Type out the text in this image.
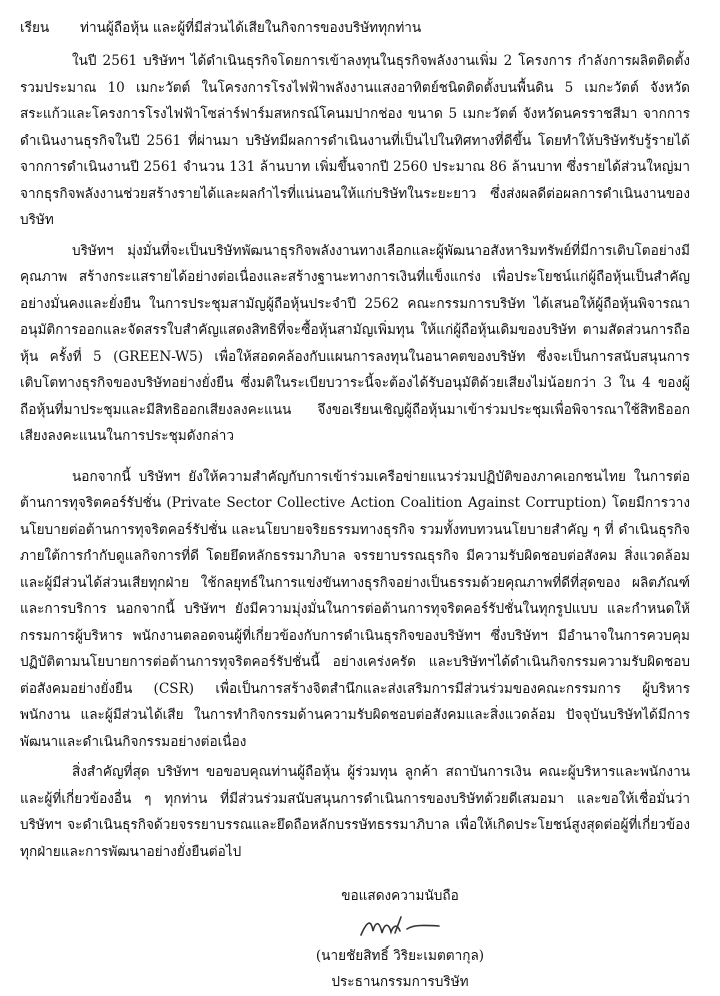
เรียน	ท่านผู้ถือหุ้น และผู้ที่มีส่วนได้เสียในกิจการของบริษัททุกท่าน

ในปี 2561 บริษัทฯ ได้ดำเนินธุรกิจโดยการเข้าลงทุนในธุรกิจพลังงานเพิ่ม 2 โครงการ กำลังการผลิตติดตั้งรวมประมาณ 10 เมกะวัตต์ ในโครงการโรงไฟฟ้าพลังงานแสงอาทิตย์ชนิดติดตั้งบนพื้นดิน 5 เมกะวัตต์ จังหวัดสระแก้วและโครงการโรงไฟฟ้าโซล่าร์ฟาร์มสหกรณ์โคนมปากช่อง ขนาด 5 เมกะวัตต์ จังหวัดนครราชสีมา จากการดำเนินงานธุรกิจในปี 2561 ที่ผ่านมา บริษัทมีผลการดำเนินงานที่เป็นไปในทิศทางที่ดีขึ้น โดยทำให้บริษัทรับรู้รายได้จากการดำเนินงานปี 2561 จำนวน 131 ล้านบาท เพิ่มขึ้นจากปี 2560 ประมาณ 86 ล้านบาท ซึ่งรายได้ส่วนใหญ่มาจากธุรกิจพลังงานช่วยสร้างรายได้และผลกำไรที่แน่นอนให้แก่บริษัทในระยะยาว ซึ่งส่งผลดีต่อผลการดำเนินงานของบริษัท

บริษัทฯ มุ่งมั่นที่จะเป็นบริษัทพัฒนาธุรกิจพลังงานทางเลือกและผู้พัฒนาอสังหาริมทรัพย์ที่มีการเติบโตอย่างมีคุณภาพ สร้างกระแสรายได้อย่างต่อเนื่องและสร้างฐานะทางการเงินที่แข็งแกร่ง เพื่อประโยชน์แก่ผู้ถือหุ้นเป็นสำคัญอย่างมั่นคงและยั่งยืน ในการประชุมสามัญผู้ถือหุ้นประจำปี 2562 คณะกรรมการบริษัท ได้เสนอให้ผู้ถือหุ้นพิจารณาอนุมัติการออกและจัดสรรใบสำคัญแสดงสิทธิที่จะซื้อหุ้นสามัญเพิ่มทุน ให้แก่ผู้ถือหุ้นเดิมของบริษัท ตามสัดส่วนการถือหุ้น ครั้งที่ 5 (GREEN-W5) เพื่อให้สอดคล้องกับแผนการลงทุนในอนาคตของบริษัท ซึ่งจะเป็นการสนับสนุนการเติบโตทางธุรกิจของบริษัทอย่างยั่งยืน ซึ่งมติในระเบียบวาระนี้จะต้องได้รับอนุมัติด้วยเสียงไม่น้อยกว่า 3 ใน 4 ของผู้ถือหุ้นที่มาประชุมและมีสิทธิออกเสียงลงคะแนน จึงขอเรียนเชิญผู้ถือหุ้นมาเข้าร่วมประชุมเพื่อพิจารณาใช้สิทธิออกเสียงลงคะแนนในการประชุมดังกล่าว

นอกจากนี้ บริษัทฯ ยังให้ความสำคัญกับการเข้าร่วมเครือข่ายแนวร่วมปฏิบัติของภาคเอกชนไทย ในการต่อต้านการทุจริตคอร์รัปชั่น (Private Sector Collective Action Coalition Against Corruption) โดยมีการวางนโยบายต่อต้านการทุจริตคอร์รัปชั่น และนโยบายจริยธรรมทางธุรกิจ รวมทั้งทบทวนนโยบายสำคัญ ๆ ที่ ดำเนินธุรกิจภายใต้การกำกับดูแลกิจการที่ดี โดยยึดหลักธรรมาภิบาล จรรยาบรรณธุรกิจ มีความรับผิดชอบต่อสังคม สิ่งแวดล้อม และผู้มีส่วนได้ส่วนเสียทุกฝ่าย ใช้กลยุทธ์ในการแข่งขันทางธุรกิจอย่างเป็นธรรมด้วยคุณภาพที่ดีที่สุดของ ผลิตภัณฑ์ และการบริการ นอกจากนี้ บริษัทฯ ยังมีความมุ่งมั่นในการต่อต้านการทุจริตคอร์รัปชั่นในทุกรูปแบบ และกำหนดให้กรรมการผู้บริหาร พนักงานตลอดจนผู้ที่เกี่ยวข้องกับการดำเนินธุรกิจของบริษัทฯ ซึ่งบริษัทฯ มีอำนาจในการควบคุม ปฏิบัติตามนโยบายการต่อต้านการทุจริตคอร์รัปชั่นนี้ อย่างเคร่งครัด และบริษัทฯได้ดำเนินกิจกรรมความรับผิดชอบต่อสังคมอย่างยั่งยืน (CSR) เพื่อเป็นการสร้างจิตสำนึกและส่งเสริมการมีส่วนร่วมของคณะกรรมการ ผู้บริหาร พนักงาน และผู้มีส่วนได้เสีย ในการทำกิจกรรมด้านความรับผิดชอบต่อสังคมและสิ่งแวดล้อม ปัจจุบันบริษัทได้มีการพัฒนาและดำเนินกิจกรรมอย่างต่อเนื่อง

สิ่งสำคัญที่สุด บริษัทฯ ขอขอบคุณท่านผู้ถือหุ้น ผู้ร่วมทุน ลูกค้า สถาบันการเงิน คณะผู้บริหารและพนักงาน และผู้ที่เกี่ยวข้องอื่น ๆ ทุกท่าน ที่มีส่วนร่วมสนับสนุนการดำเนินการของบริษัทด้วยดีเสมอมา และขอให้เชื่อมั่นว่าบริษัทฯ จะดำเนินธุรกิจด้วยจรรยาบรรณและยึดถือหลักบรรษัทธรรมาภิบาล เพื่อให้เกิดประโยชน์สูงสุดต่อผู้ที่เกี่ยวข้องทุกฝ่ายและการพัฒนาอย่างยั่งยืนต่อไป

ขอแสดงความนับถือ
(นายชัยสิทธิ์ วิริยะเมตตากุล)
ประธานกรรมการบริษัท
